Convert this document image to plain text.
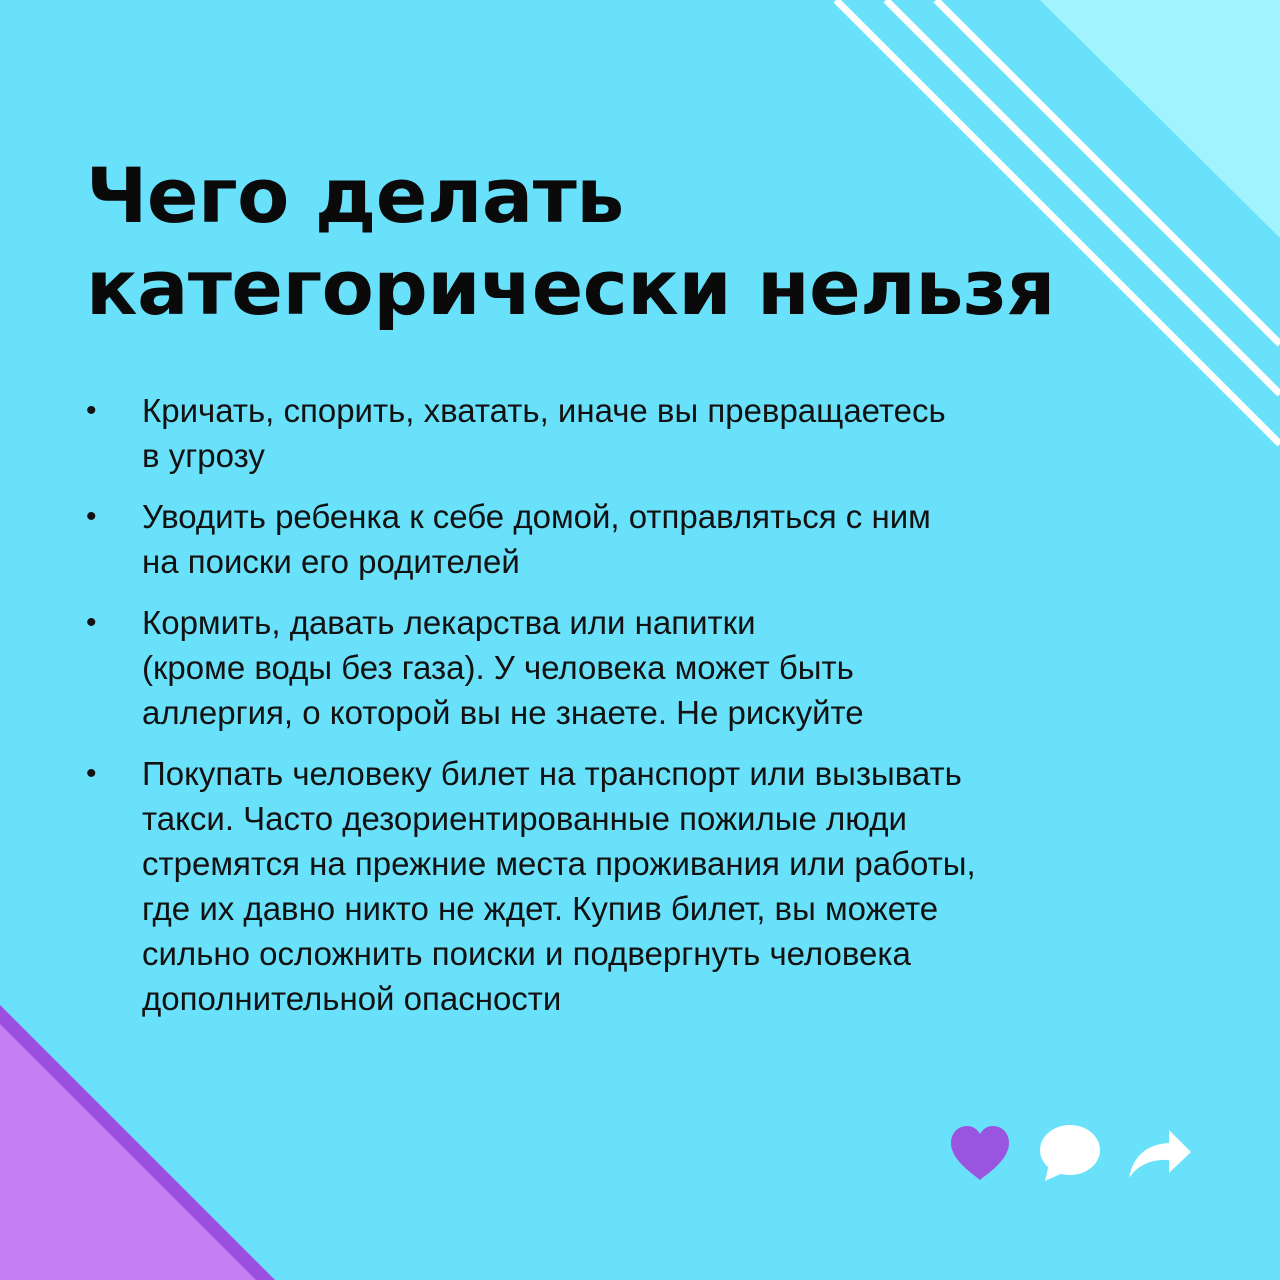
Чего делать
категорически нельзя
• Кричать, спорить, хватать, иначе вы превращаетесь
в угрозу
• Уводить ребенка к себе домой, отправляться с ним
на поиски его родителей
• Кормить, давать лекарства или напитки
(кроме воды без газа). У человека может быть
аллергия, о которой вы не знаете. Не рискуйте
• Покупать человеку билет на транспорт или вызывать
такси. Часто дезориентированные пожилые люди
стремятся на прежние места проживания или работы,
где их давно никто не ждет. Купив билет, вы можете
сильно осложнить поиски и подвергнуть человека
дополнительной опасности
